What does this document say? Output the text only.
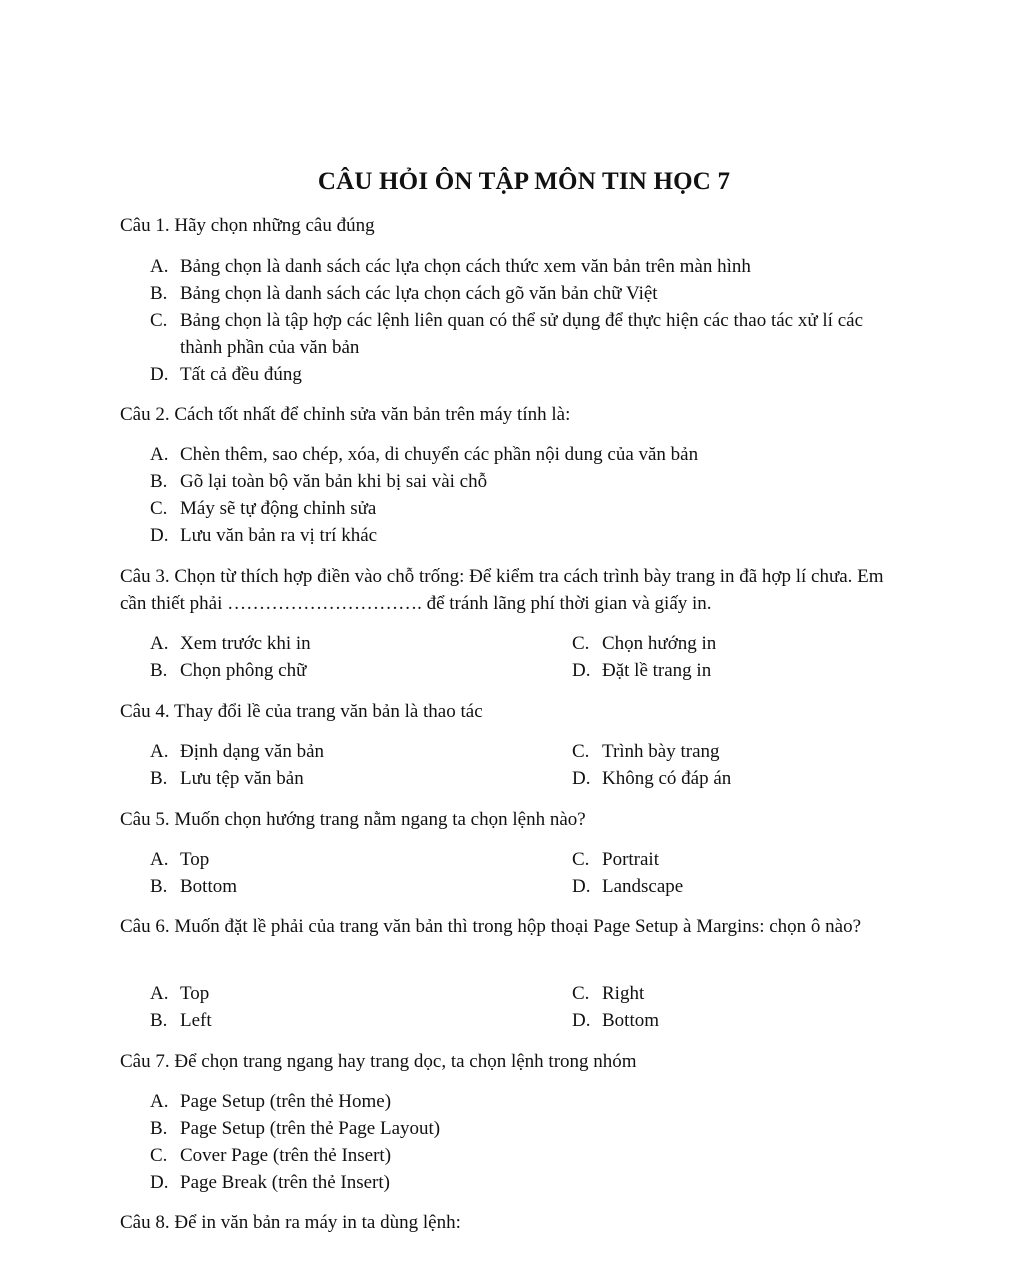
CÂU HỎI ÔN TẬP MÔN TIN HỌC 7

Câu 1. Hãy chọn những câu đúng

A. Bảng chọn là danh sách các lựa chọn cách thức xem văn bản trên màn hình
B. Bảng chọn là danh sách các lựa chọn cách gõ văn bản chữ Việt
C. Bảng chọn là tập hợp các lệnh liên quan có thể sử dụng để thực hiện các thao tác xử lí các thành phần của văn bản
D. Tất cả đều đúng

Câu 2. Cách tốt nhất để chỉnh sửa văn bản trên máy tính là:

A. Chèn thêm, sao chép, xóa, di chuyển các phần nội dung của văn bản
B. Gõ lại toàn bộ văn bản khi bị sai vài chỗ
C. Máy sẽ tự động chỉnh sửa
D. Lưu văn bản ra vị trí khác

Câu 3. Chọn từ thích hợp điền vào chỗ trống: Để kiểm tra cách trình bày trang in đã hợp lí chưa. Em cần thiết phải …………………………. để tránh lãng phí thời gian và giấy in.

A. Xem trước khi in	C. Chọn hướng in
B. Chọn phông chữ	D. Đặt lề trang in

Câu 4. Thay đổi lề của trang văn bản là thao tác

A. Định dạng văn bản	C. Trình bày trang
B. Lưu tệp văn bản	D. Không có đáp án

Câu 5. Muốn chọn hướng trang nằm ngang ta chọn lệnh nào?

A. Top	C. Portrait
B. Bottom	D. Landscape

Câu 6. Muốn đặt lề phải của trang văn bản thì trong hộp thoại Page Setup à Margins: chọn ô nào?

A. Top	C. Right
B. Left	D. Bottom

Câu 7. Để chọn trang ngang hay trang dọc, ta chọn lệnh trong nhóm

A. Page Setup (trên thẻ Home)
B. Page Setup (trên thẻ Page Layout)
C. Cover Page (trên thẻ Insert)
D. Page Break (trên thẻ Insert)

Câu 8. Để in văn bản ra máy in ta dùng lệnh:
